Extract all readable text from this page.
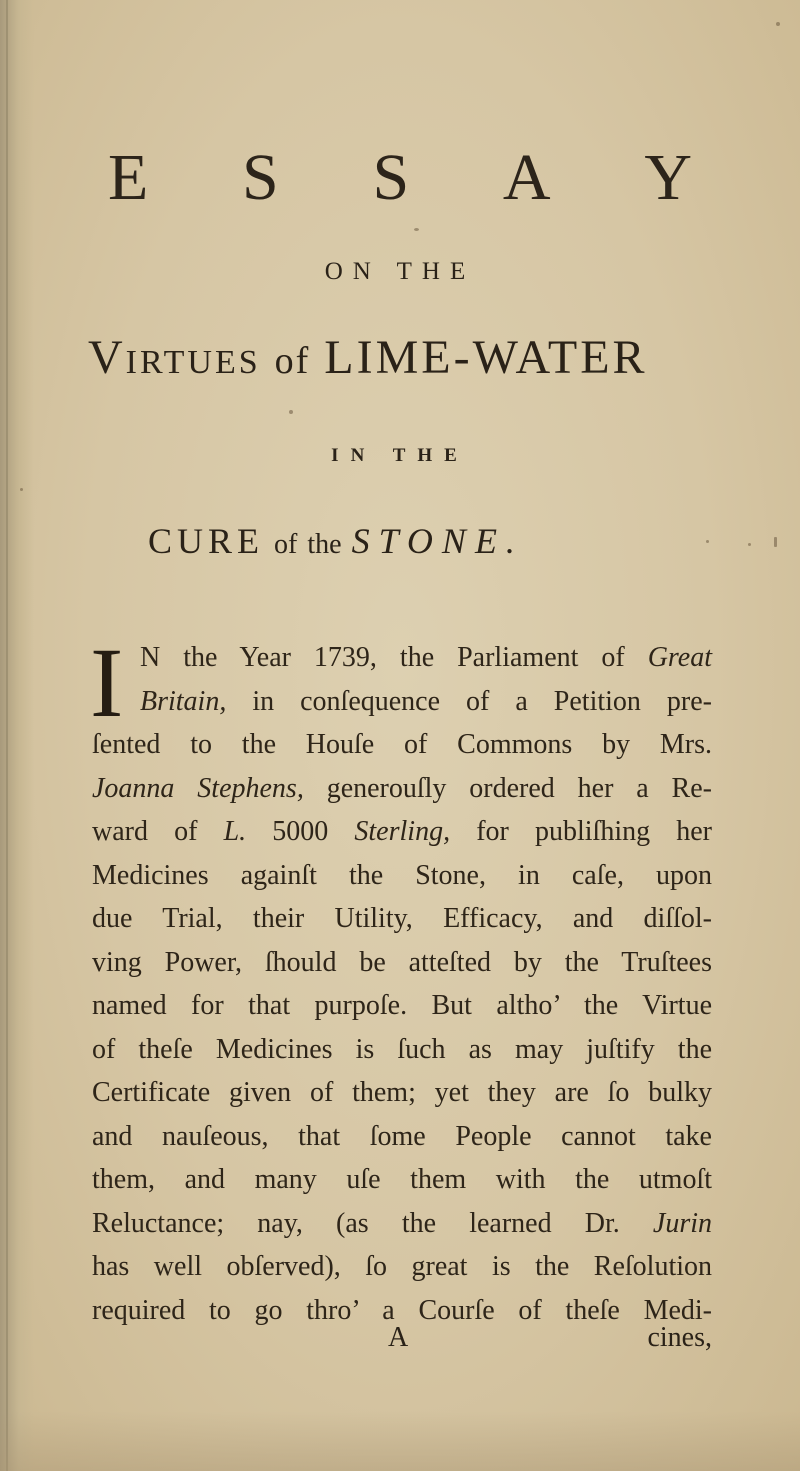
E S S A Y
ON THE
Virtues of LIME-WATER
IN THE
CURE of the STONE.
I N the Year 1739, the Parliament of Great
Britain, in conſequence of a Petition pre-
ſented to the Houſe of Commons by Mrs.
Joanna Stephens, generouſly ordered her a Re-
ward of L. 5000 Sterling, for publiſhing her
Medicines againſt the Stone, in caſe, upon
due Trial, their Utility, Efficacy, and diſſol-
ving Power, ſhould be atteſted by the Truſtees
named for that purpoſe. But altho’ the Virtue
of theſe Medicines is ſuch as may juſtify the
Certificate given of them; yet they are ſo bulky
and nauſeous, that ſome People cannot take
them, and many uſe them with the utmoſt
Reluctance; nay, (as the learned Dr. Jurin
has well obſerved), ſo great is the Reſolution
required to go thro’ a Courſe of theſe Medi-
A	cines,
